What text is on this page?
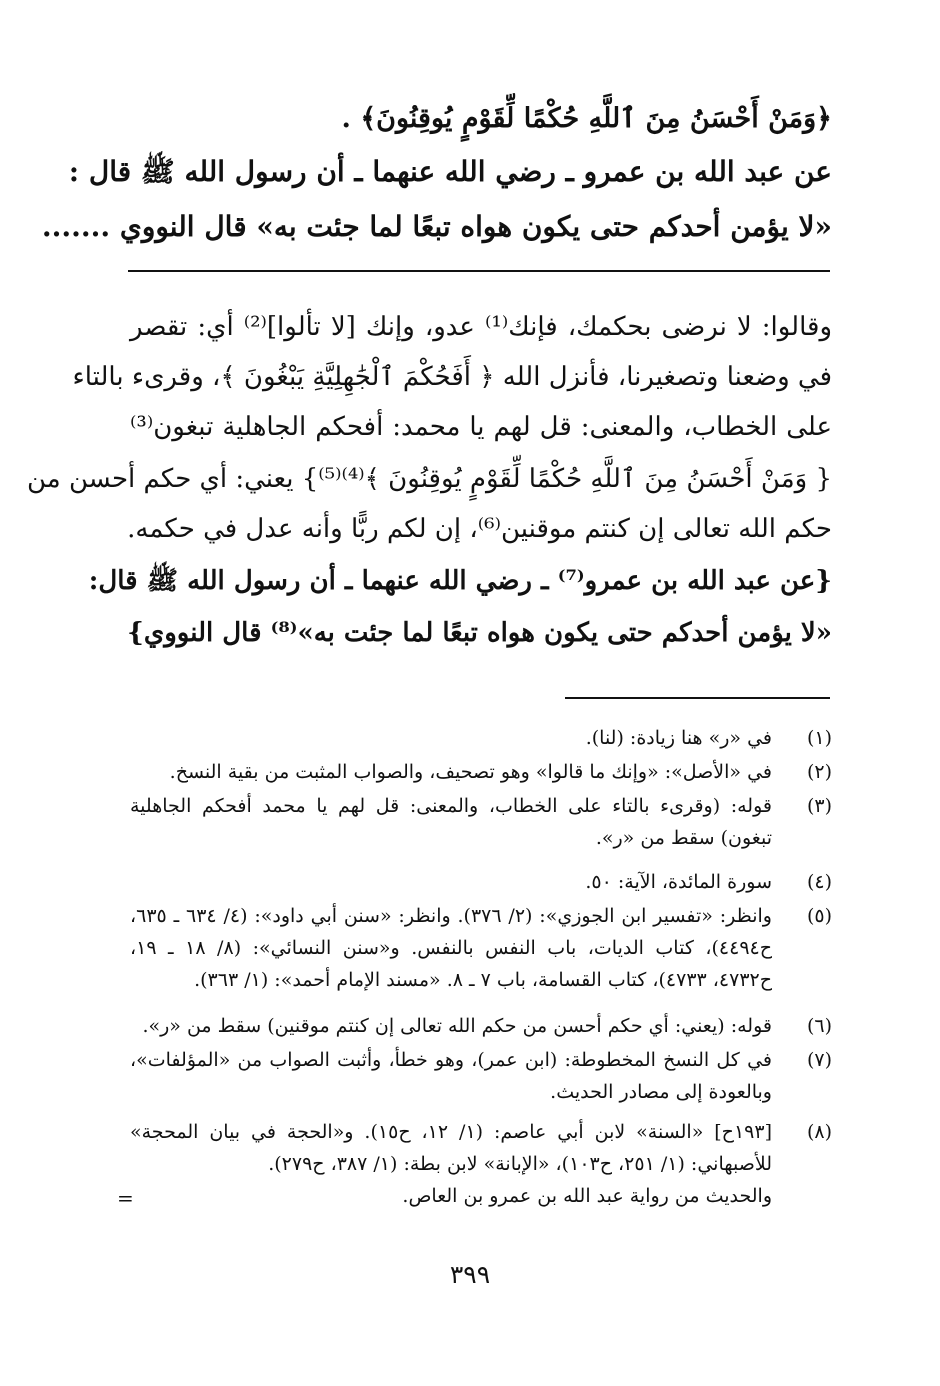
﴿وَمَنْ أَحْسَنُ مِنَ ٱللَّهِ حُكْمًا لِّقَوْمٍ يُوقِنُونَ﴾ .
عن عبد الله بن عمرو ـ رضي الله عنهما ـ أن رسول الله ﷺ قال :
«لا يؤمن أحدكم حتى يكون هواه تبعًا لما جئت به» قال النووي .......
وقالوا: لا نرضى بحكمك، فإنك⁽¹⁾ عدو، وإنك [لا تألوا]⁽²⁾ أي: تقصر
في وضعنا وتصغيرنا، فأنزل الله ﴿ أَفَحُكْمَ ٱلْجَٰهِلِيَّةِ يَبْغُونَ ﴾، وقرىء بالتاء
على الخطاب، والمعنى: قل لهم يا محمد: أفحكم الجاهلية تبغون⁽³⁾
{ وَمَنْ أَحْسَنُ مِنَ ٱللَّهِ حُكْمًا لِّقَوْمٍ يُوقِنُونَ ﴾⁽⁴⁾⁽⁵⁾} يعني: أي حكم أحسن من
حكم الله تعالى إن كنتم موقنين⁽⁶⁾، إن لكم ربًّا وأنه عدل في حكمه.
{عن عبد الله بن عمرو⁽⁷⁾ ـ رضي الله عنهما ـ أن رسول الله ﷺ قال:
«لا يؤمن أحدكم حتى يكون هواه تبعًا لما جئت به»⁽⁸⁾ قال النووي}
(١)
في «ر» هنا زيادة: (لنا).
(٢)
في «الأصل»: «وإنك ما قالوا» وهو تصحيف، والصواب المثبت من بقية النسخ.
(٣)
قوله: (وقرىء بالتاء على الخطاب، والمعنى: قل لهم يا محمد أفحكم الجاهلية
تبغون) سقط من «ر».
(٤)
سورة المائدة، الآية: ٥٠.
(٥)
وانظر: «تفسير ابن الجوزي»: (٢/ ٣٧٦). وانظر: «سنن أبي داود»: (٤/ ٦٣٤ ـ ٦٣٥،
ح٤٤٩٤)، كتاب الديات، باب النفس بالنفس. و«سنن النسائي»: (٨/ ١٨ ـ ١٩،
ح٤٧٣٢، ٤٧٣٣)، كتاب القسامة، باب ٧ ـ ٨. «مسند الإمام أحمد»: (١/ ٣٦٣).
(٦)
قوله: (يعني: أي حكم أحسن من حكم الله تعالى إن كنتم موقنين) سقط من «ر».
(٧)
في كل النسخ المخطوطة: (ابن عمر)، وهو خطأ، وأثبت الصواب من «المؤلفات»،
وبالعودة إلى مصادر الحديث.
(٨)
[١٩٣ح] «السنة» لابن أبي عاصم: (١/ ١٢، ح١٥). و«الحجة في بيان المحجة»
للأصبهاني: (١/ ٢٥١، ح١٠٣)، «الإبانة» لابن بطة: (١/ ٣٨٧، ح٢٧٩).
والحديث من رواية عبد الله بن عمرو بن العاص.
=
٣٩٩
